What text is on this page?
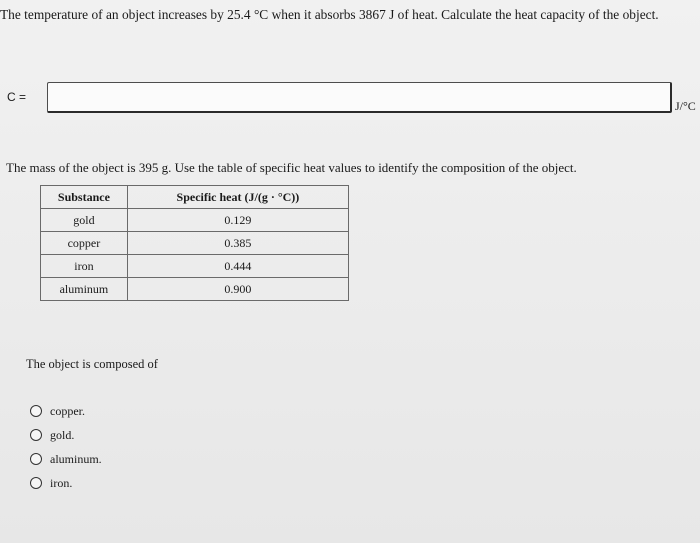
The temperature of an object increases by 25.4 °C when it absorbs 3867 J of heat. Calculate the heat capacity of the object.
C =
J/°C
The mass of the object is 395 g. Use the table of specific heat values to identify the composition of the object.
Substance	Specific heat (J/(g · °C))
gold	0.129
copper	0.385
iron	0.444
aluminum	0.900
The object is composed of
copper.
gold.
aluminum.
iron.
